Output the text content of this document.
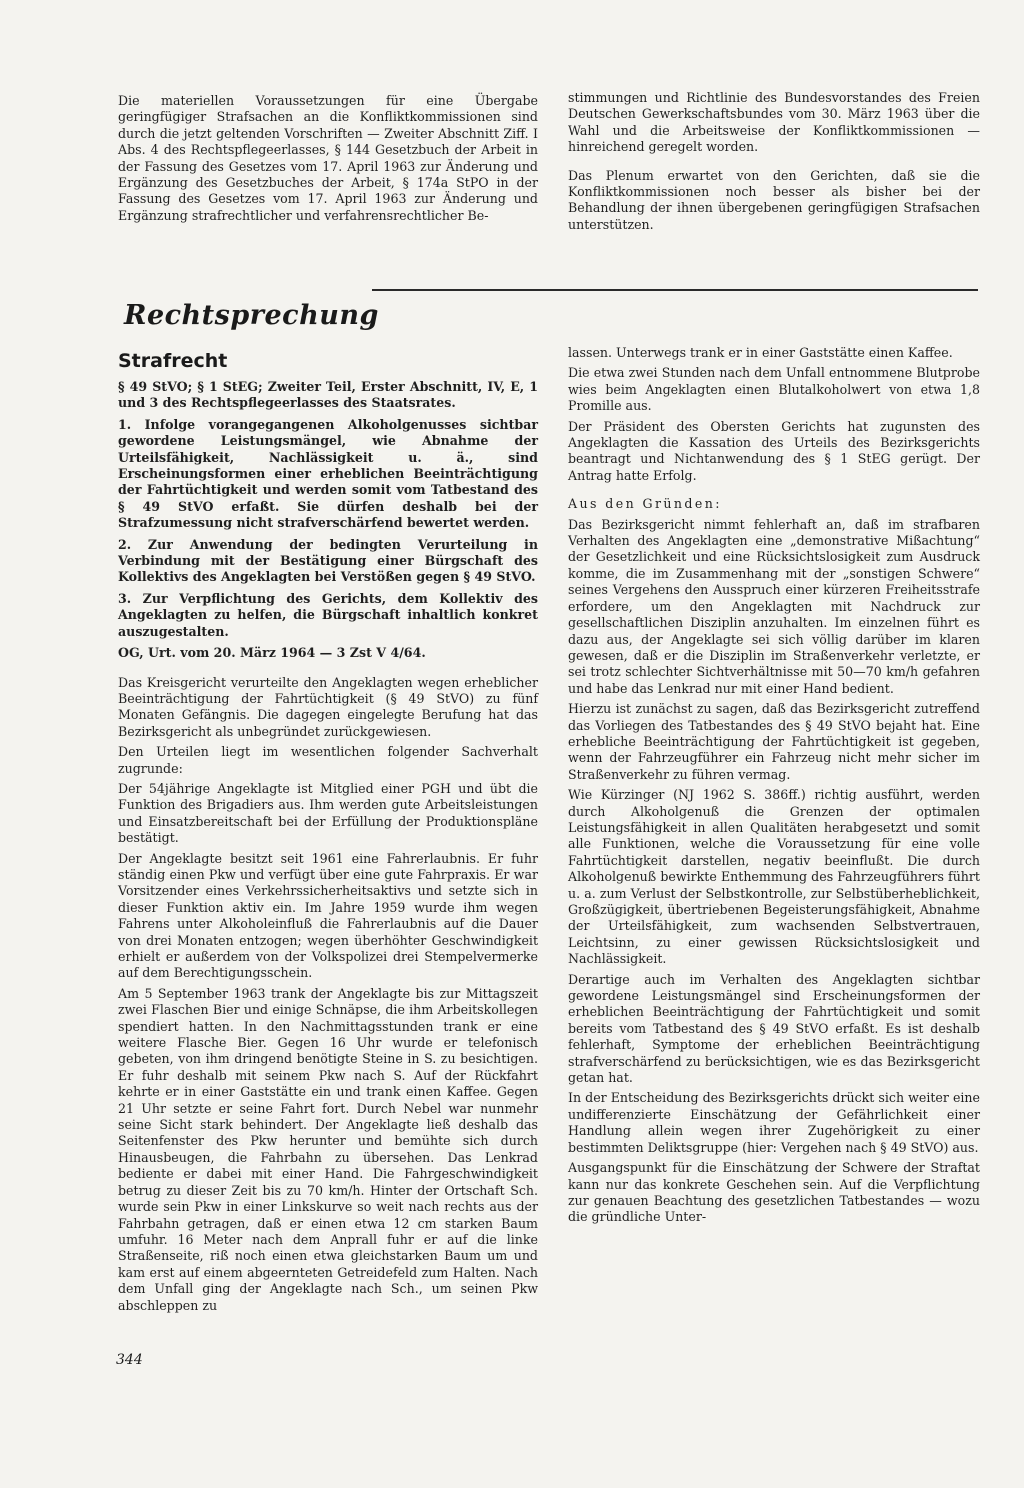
Die materiellen Voraussetzungen für eine Übergabe geringfügiger Strafsachen an die Konfliktkommissionen sind durch die jetzt geltenden Vorschriften — Zweiter Abschnitt Ziff. I Abs. 4 des Rechtspflegeerlasses, § 144 Gesetzbuch der Arbeit in der Fassung des Gesetzes vom 17. April 1963 zur Änderung und Ergänzung des Gesetzbuches der Arbeit, § 174a StPO in der Fassung des Gesetzes vom 17. April 1963 zur Änderung und Ergänzung strafrechtlicher und verfahrensrechtlicher Be-

stimmungen und Richtlinie des Bundesvorstandes des Freien Deutschen Gewerkschaftsbundes vom 30. März 1963 über die Wahl und die Arbeitsweise der Konfliktkommissionen — hinreichend geregelt worden.

Das Plenum erwartet von den Gerichten, daß sie die Konfliktkommissionen noch besser als bisher bei der Behandlung der ihnen übergebenen geringfügigen Strafsachen unterstützen.

Rechtsprechung
Strafrecht

§ 49 StVO; § 1 StEG; Zweiter Teil, Erster Abschnitt, IV, E, 1 und 3 des Rechtspflegeerlasses des Staatsrates.

1. Infolge vorangegangenen Alkoholgenusses sichtbar gewordene Leistungsmängel, wie Abnahme der Urteilsfähigkeit, Nachlässigkeit u. ä., sind Erscheinungsformen einer erheblichen Beeinträchtigung der Fahrtüchtigkeit und werden somit vom Tatbestand des § 49 StVO erfaßt. Sie dürfen deshalb bei der Strafzumessung nicht strafverschärfend bewertet werden.

2. Zur Anwendung der bedingten Verurteilung in Verbindung mit der Bestätigung einer Bürgschaft des Kollektivs des Angeklagten bei Verstößen gegen § 49 StVO.

3. Zur Verpflichtung des Gerichts, dem Kollektiv des Angeklagten zu helfen, die Bürgschaft inhaltlich konkret auszugestalten.

OG, Urt. vom 20. März 1964 — 3 Zst V 4/64.

Das Kreisgericht verurteilte den Angeklagten wegen erheblicher Beeinträchtigung der Fahrtüchtigkeit (§ 49 StVO) zu fünf Monaten Gefängnis. Die dagegen eingelegte Berufung hat das Bezirksgericht als unbegründet zurückgewiesen.

Den Urteilen liegt im wesentlichen folgender Sachverhalt zugrunde:

Der 54jährige Angeklagte ist Mitglied einer PGH und übt die Funktion des Brigadiers aus. Ihm werden gute Arbeitsleistungen und Einsatzbereitschaft bei der Erfüllung der Produktionspläne bestätigt.

Der Angeklagte besitzt seit 1961 eine Fahrerlaubnis. Er fuhr ständig einen Pkw und verfügt über eine gute Fahrpraxis. Er war Vorsitzender eines Verkehrssicherheitsaktivs und setzte sich in dieser Funktion aktiv ein. Im Jahre 1959 wurde ihm wegen Fahrens unter Alkoholeinfluß die Fahrerlaubnis auf die Dauer von drei Monaten entzogen; wegen überhöhter Geschwindigkeit erhielt er außerdem von der Volkspolizei drei Stempelvermerke auf dem Berechtigungsschein.

Am 5 September 1963 trank der Angeklagte bis zur Mittagszeit zwei Flaschen Bier und einige Schnäpse, die ihm Arbeitskollegen spendiert hatten. In den Nachmittagsstunden trank er eine weitere Flasche Bier. Gegen 16 Uhr wurde er telefonisch gebeten, von ihm dringend benötigte Steine in S. zu besichtigen. Er fuhr deshalb mit seinem Pkw nach S. Auf der Rückfahrt kehrte er in einer Gaststätte ein und trank einen Kaffee. Gegen 21 Uhr setzte er seine Fahrt fort. Durch Nebel war nunmehr seine Sicht stark behindert. Der Angeklagte ließ deshalb das Seitenfenster des Pkw herunter und bemühte sich durch Hinausbeugen, die Fahrbahn zu übersehen. Das Lenkrad bediente er dabei mit einer Hand. Die Fahrgeschwindigkeit betrug zu dieser Zeit bis zu 70 km/h. Hinter der Ortschaft Sch. wurde sein Pkw in einer Linkskurve so weit nach rechts aus der Fahrbahn getragen, daß er einen etwa 12 cm starken Baum umfuhr. 16 Meter nach dem Anprall fuhr er auf die linke Straßenseite, riß noch einen etwa gleichstarken Baum um und kam erst auf einem abgeernteten Getreidefeld zum Halten. Nach dem Unfall ging der Angeklagte nach Sch., um seinen Pkw abschleppen zu

lassen. Unterwegs trank er in einer Gaststätte einen Kaffee.

Die etwa zwei Stunden nach dem Unfall entnommene Blutprobe wies beim Angeklagten einen Blutalkoholwert von etwa 1,8 Promille aus.

Der Präsident des Obersten Gerichts hat zugunsten des Angeklagten die Kassation des Urteils des Bezirksgerichts beantragt und Nichtanwendung des § 1 StEG gerügt. Der Antrag hatte Erfolg.

Aus den Gründen:

Das Bezirksgericht nimmt fehlerhaft an, daß im strafbaren Verhalten des Angeklagten eine „demonstrative Mißachtung“ der Gesetzlichkeit und eine Rücksichtslosigkeit zum Ausdruck komme, die im Zusammenhang mit der „sonstigen Schwere“ seines Vergehens den Ausspruch einer kürzeren Freiheitsstrafe erfordere, um den Angeklagten mit Nachdruck zur gesellschaftlichen Disziplin anzuhalten. Im einzelnen führt es dazu aus, der Angeklagte sei sich völlig darüber im klaren gewesen, daß er die Disziplin im Straßenverkehr verletzte, er sei trotz schlechter Sichtverhältnisse mit 50—70 km/h gefahren und habe das Lenkrad nur mit einer Hand bedient.

Hierzu ist zunächst zu sagen, daß das Bezirksgericht zutreffend das Vorliegen des Tatbestandes des § 49 StVO bejaht hat. Eine erhebliche Beeinträchtigung der Fahrtüchtigkeit ist gegeben, wenn der Fahrzeugführer ein Fahrzeug nicht mehr sicher im Straßenverkehr zu führen vermag.

Wie Kürzinger (NJ 1962 S. 386ff.) richtig ausführt, werden durch Alkoholgenuß die Grenzen der optimalen Leistungsfähigkeit in allen Qualitäten herabgesetzt und somit alle Funktionen, welche die Voraussetzung für eine volle Fahrtüchtigkeit darstellen, negativ beeinflußt. Die durch Alkoholgenuß bewirkte Enthemmung des Fahrzeugführers führt u. a. zum Verlust der Selbstkontrolle, zur Selbstüberheblichkeit, Großzügigkeit, übertriebenen Begeisterungsfähigkeit, Abnahme der Urteilsfähigkeit, zum wachsenden Selbstvertrauen, Leichtsinn, zu einer gewissen Rücksichtslosigkeit und Nachlässigkeit.

Derartige auch im Verhalten des Angeklagten sichtbar gewordene Leistungsmängel sind Erscheinungsformen der erheblichen Beeinträchtigung der Fahrtüchtigkeit und somit bereits vom Tatbestand des § 49 StVO erfaßt. Es ist deshalb fehlerhaft, Symptome der erheblichen Beeinträchtigung strafverschärfend zu berücksichtigen, wie es das Bezirksgericht getan hat.

In der Entscheidung des Bezirksgerichts drückt sich weiter eine undifferenzierte Einschätzung der Gefährlichkeit einer Handlung allein wegen ihrer Zugehörigkeit zu einer bestimmten Deliktsgruppe (hier: Vergehen nach § 49 StVO) aus.

Ausgangspunkt für die Einschätzung der Schwere der Straftat kann nur das konkrete Geschehen sein. Auf die Verpflichtung zur genauen Beachtung des gesetzlichen Tatbestandes — wozu die gründliche Unter-

344
